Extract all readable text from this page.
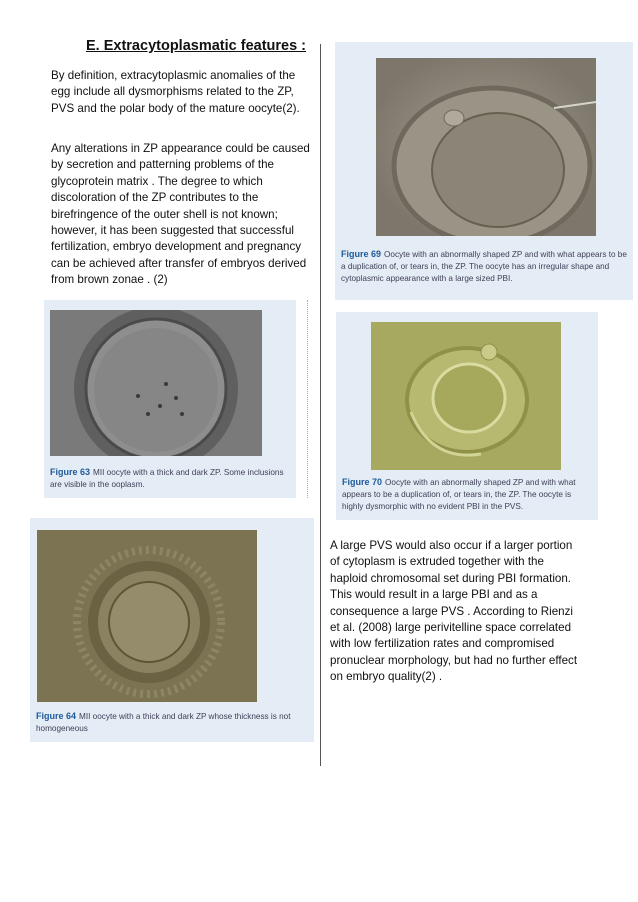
E. Extracytoplasmatic features :

By definition, extracytoplasmic anomalies of the egg include all dysmorphisms related to the ZP, PVS and the polar body of the mature oocyte(2).

Any alterations in ZP appearance could be caused by secretion and patterning problems of the glycoprotein matrix . The degree to which discoloration of the ZP contributes to the birefringence of the outer shell is not known; however, it has been suggested that successful fertilization, embryo development and pregnancy can be achieved after transfer of embryos derived from brown zonae . (2)

A large PVS would also occur if a larger portion of cytoplasm is extruded together with the haploid chromosomal set during PBI formation. This would result in a large PBI and as a consequence a large PVS . According to Rienzi et al. (2008) large perivitelline space correlated with low fertilization rates and compromised pronuclear morphology, but had no further effect on embryo quality(2) .

Figure 69 Oocyte with an abnormally shaped ZP and with what appears to be a duplication of, or tears in, the ZP. The oocyte has an irregular shape and cytoplasmic appearance with a large sized PBI.
Figure 63 MII oocyte with a thick and dark ZP. Some inclusions are visible in the ooplasm.	Figure 70 Oocyte with an abnormally shaped ZP and with what appears to be a duplication of, or tears in, the ZP. The oocyte is highly dysmorphic with no evident PBI in the PVS.
Figure 64 MII oocyte with a thick and dark ZP whose thickness is not homogeneous
